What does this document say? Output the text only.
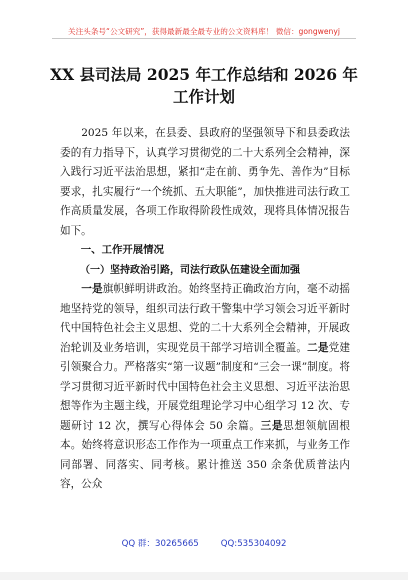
关注头条号“公文研究”，获得最新最全最专业的公文资料库！ 微信：gongwenyj
XX 县司法局 2025 年工作总结和 2026 年
工作计划

2025 年以来，在县委、县政府的坚强领导下和县委政法委的有力指导下，认真学习贯彻党的二十大系列全会精神，深入践行习近平法治思想，紧扣“走在前、勇争先、善作为”目标要求，扎实履行“一个统抓、五大职能”，加快推进司法行政工作高质量发展，各项工作取得阶段性成效，现将具体情况报告如下。

一、工作开展情况

（一）坚持政治引路，司法行政队伍建设全面加强

一是旗帜鲜明讲政治。始终坚持正确政治方向，毫不动摇地坚持党的领导，组织司法行政干警集中学习领会习近平新时代中国特色社会主义思想、党的二十大系列全会精神，开展政治轮训及业务培训，实现党员干部学习培训全覆盖。二是党建引领聚合力。严格落实“第一议题”制度和“三会一课”制度。将学习贯彻习近平新时代中国特色社会主义思想、习近平法治思想等作为主题主线，开展党组理论学习中心组学习 12 次、专题研讨 12 次，撰写心得体会 50 余篇。三是思想领航固根本。始终将意识形态工作作为一项重点工作来抓，与业务工作同部署、同落实、同考核。累计推送 350 余条优质普法内容，公众

QQ 群：30265665	QQ:535304092
